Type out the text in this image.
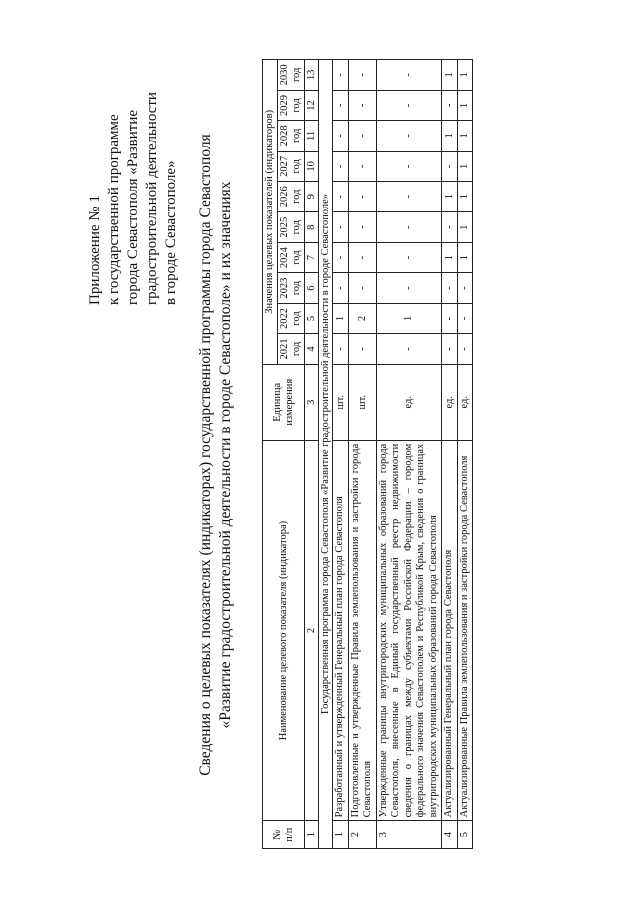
Приложение № 1 к государственной программе города Севастополя «Развитие градостроительной деятельности в городе Севастополе» Сведения о целевых показателях (индикаторах) государственной программы города Севастополя «Развитие градостроительной деятельности в городе Севастополе» и их значениях
№ п/п	Наименование целевого показателя (индикатора)	Единица измерения	Значения целевых показателей (индикаторов)									
			2021 год	2022 год	2023 год	2024 год	2025 год	2026 год	2027 год	2028 год	2029 год	2030 год
1	2	3	4	5	6	7	8	9	10	11	12	13
Государственная программа города Севастополя «Развитие градостроительной деятельности в городе Севастополе»												
1	Разработанный и утвержденный Генеральный план города Севастополя	шт.	-	1	-	-	-	-	-	-	-	-
2	Подготовленные и утвержденные Правила землепользования и застройки города Севастополя	шт.	-	2	-	-	-	-	-	-	-	-
3	Утвержденные границы внутригородских муниципальных образований города Севастополя, внесенные в Единый государственный реестр недвижимости сведения о границах между субъектами Российской Федерации – городом федерального значения Севастополем и Республикой Крым, сведения о границах внутригородских муниципальных образований города Севастополя	ед.	-	1	-	-	-	-	-	-	-	-
4	Актуализированный Генеральный план города Севастополя	ед.	-	-	-	1	-	1	-	1	-	1
5	Актуализированные Правила землепользования и застройки города Севастополя	ед.	-	-	-	1	1	1	1	1	1	1
